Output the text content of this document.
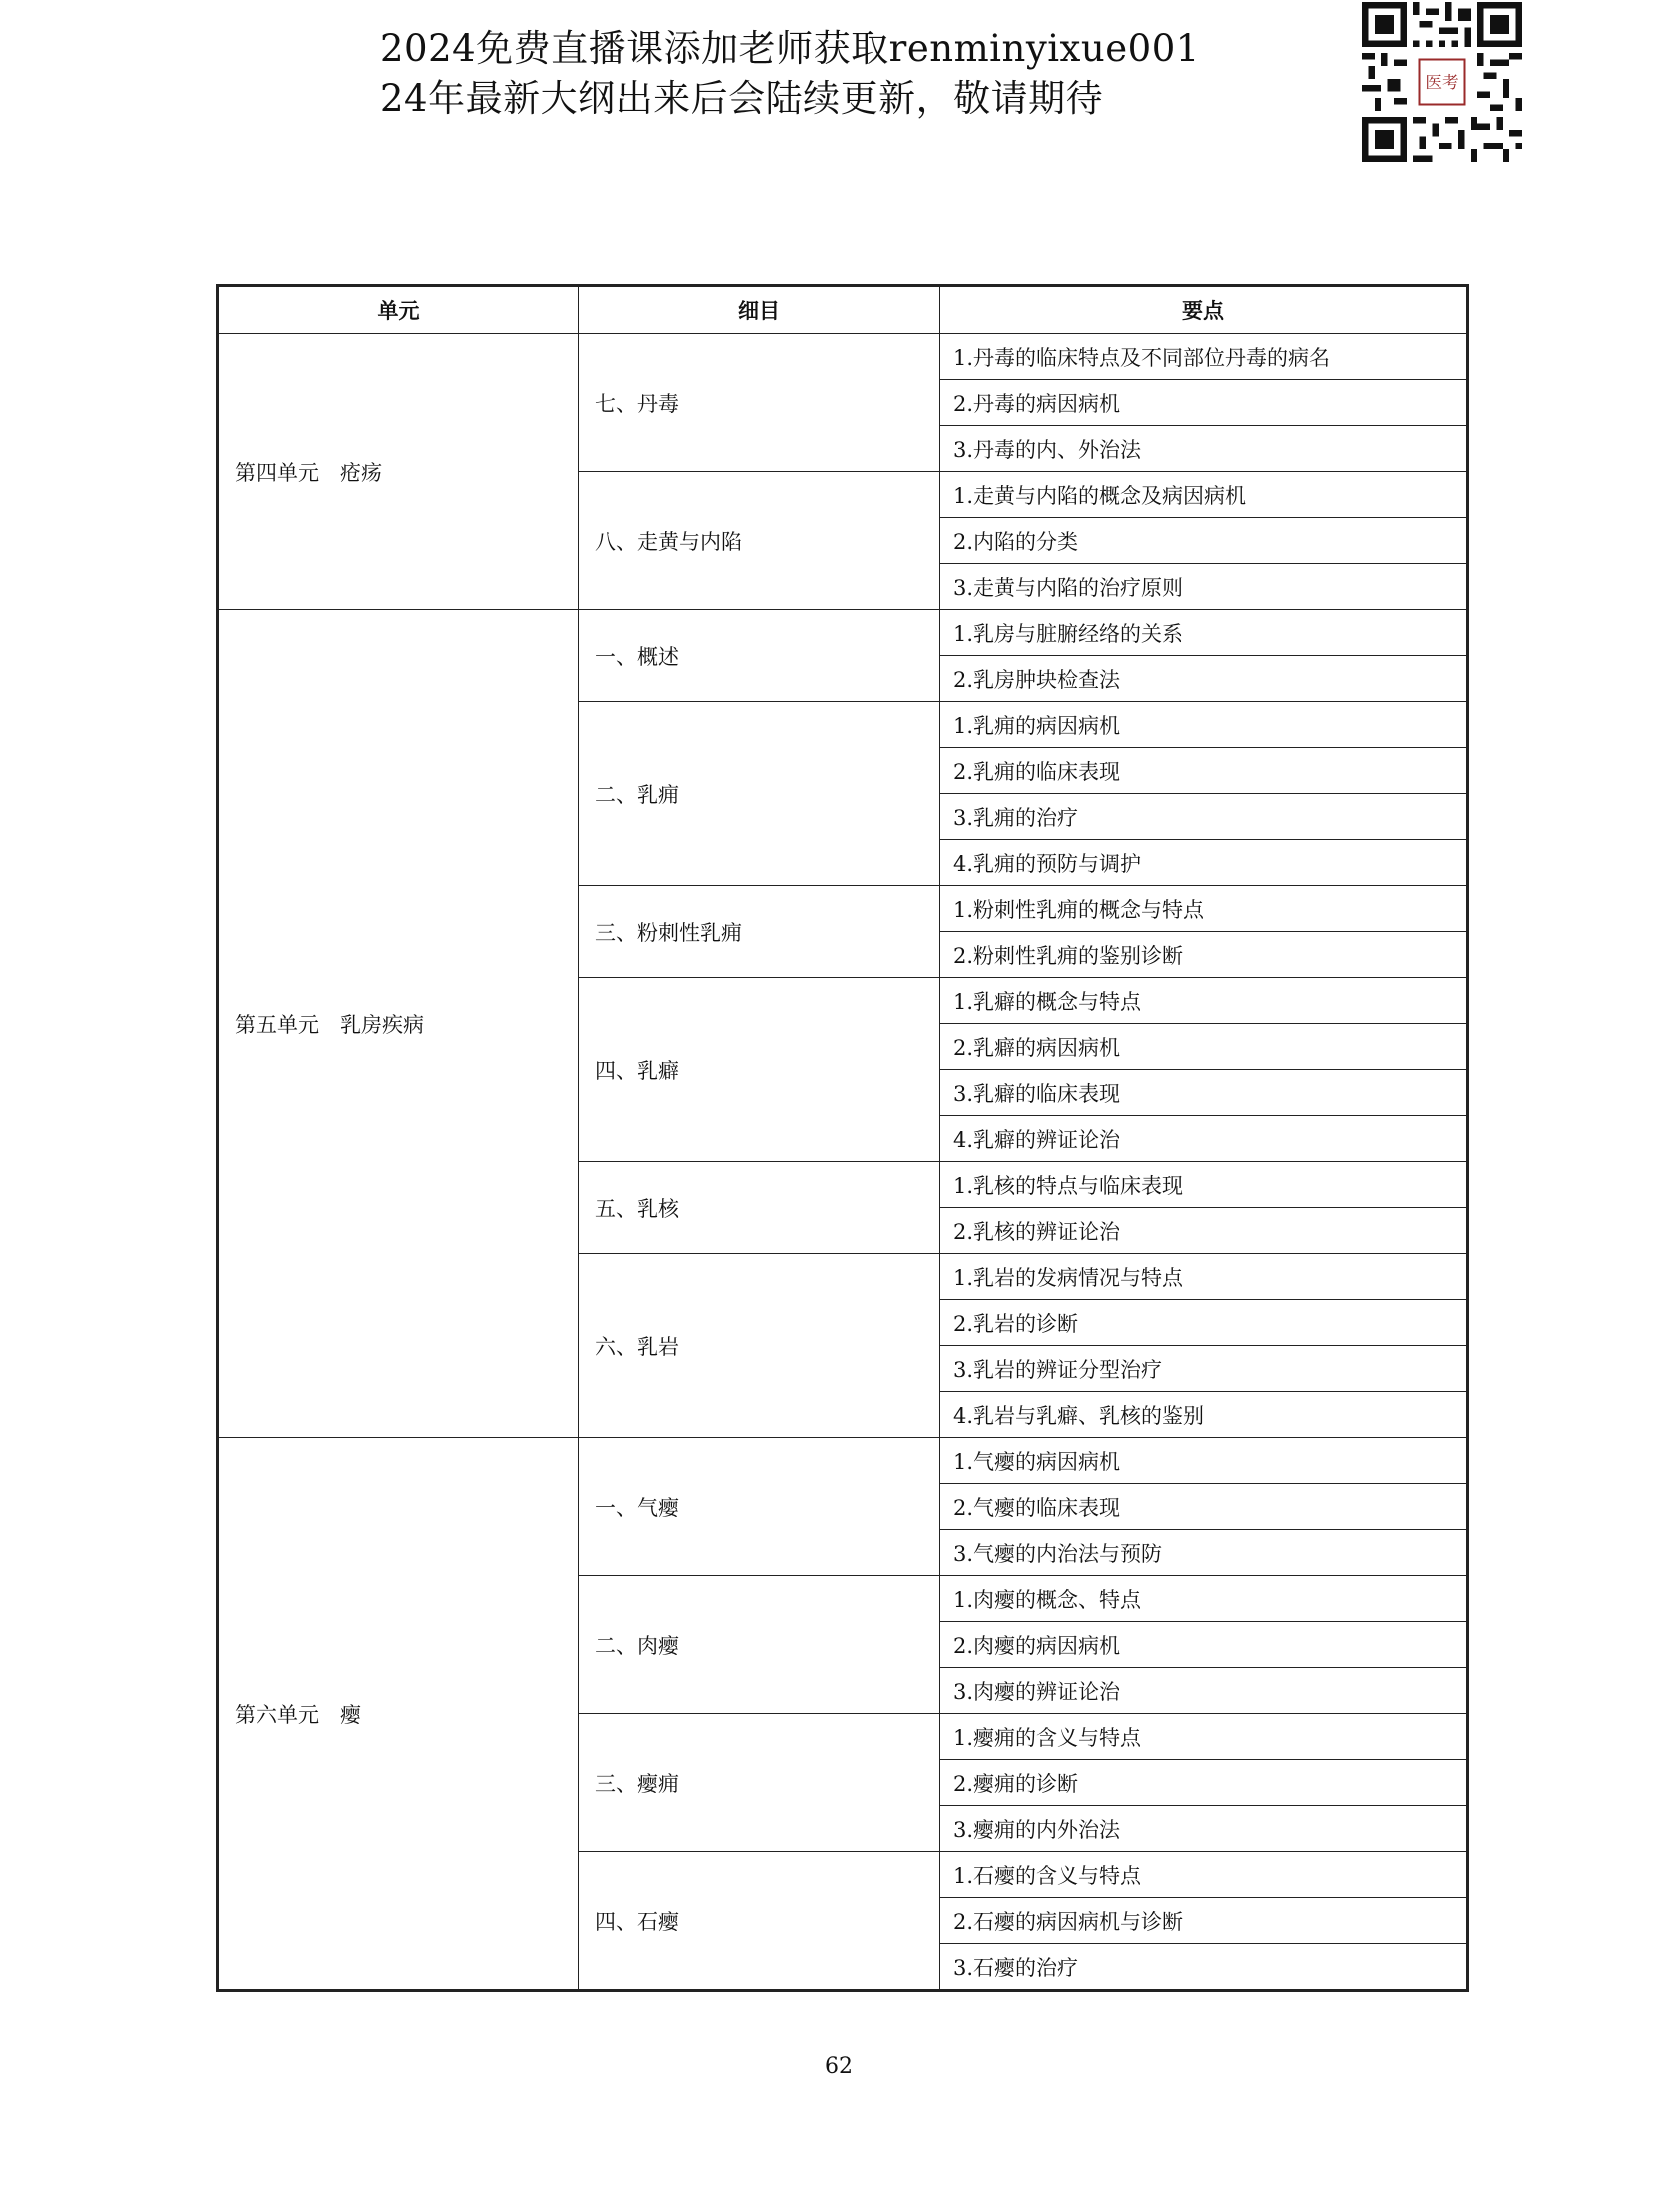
2024免费直播课添加老师获取renminyixue001
24年最新大纲出来后会陆续更新，敬请期待	医考
单元	细目	要点
第四单元　疮疡	七、丹毒	1.丹毒的临床特点及不同部位丹毒的病名
		2.丹毒的病因病机
		3.丹毒的内、外治法
	八、走黄与内陷	1.走黄与内陷的概念及病因病机
		2.内陷的分类
		3.走黄与内陷的治疗原则
第五单元　乳房疾病	一、概述	1.乳房与脏腑经络的关系
		2.乳房肿块检查法
	二、乳痈	1.乳痈的病因病机
		2.乳痈的临床表现
		3.乳痈的治疗
		4.乳痈的预防与调护
	三、粉刺性乳痈	1.粉刺性乳痈的概念与特点
		2.粉刺性乳痈的鉴别诊断
	四、乳癖	1.乳癖的概念与特点
		2.乳癖的病因病机
		3.乳癖的临床表现
		4.乳癖的辨证论治
	五、乳核	1.乳核的特点与临床表现
		2.乳核的辨证论治
	六、乳岩	1.乳岩的发病情况与特点
		2.乳岩的诊断
		3.乳岩的辨证分型治疗
		4.乳岩与乳癖、乳核的鉴别
第六单元　瘿	一、气瘿	1.气瘿的病因病机
		2.气瘿的临床表现
		3.气瘿的内治法与预防
	二、肉瘿	1.肉瘿的概念、特点
		2.肉瘿的病因病机
		3.肉瘿的辨证论治
	三、瘿痈	1.瘿痈的含义与特点
		2.瘿痈的诊断
		3.瘿痈的内外治法
	四、石瘿	1.石瘿的含义与特点
		2.石瘿的病因病机与诊断
		3.石瘿的治疗
62
